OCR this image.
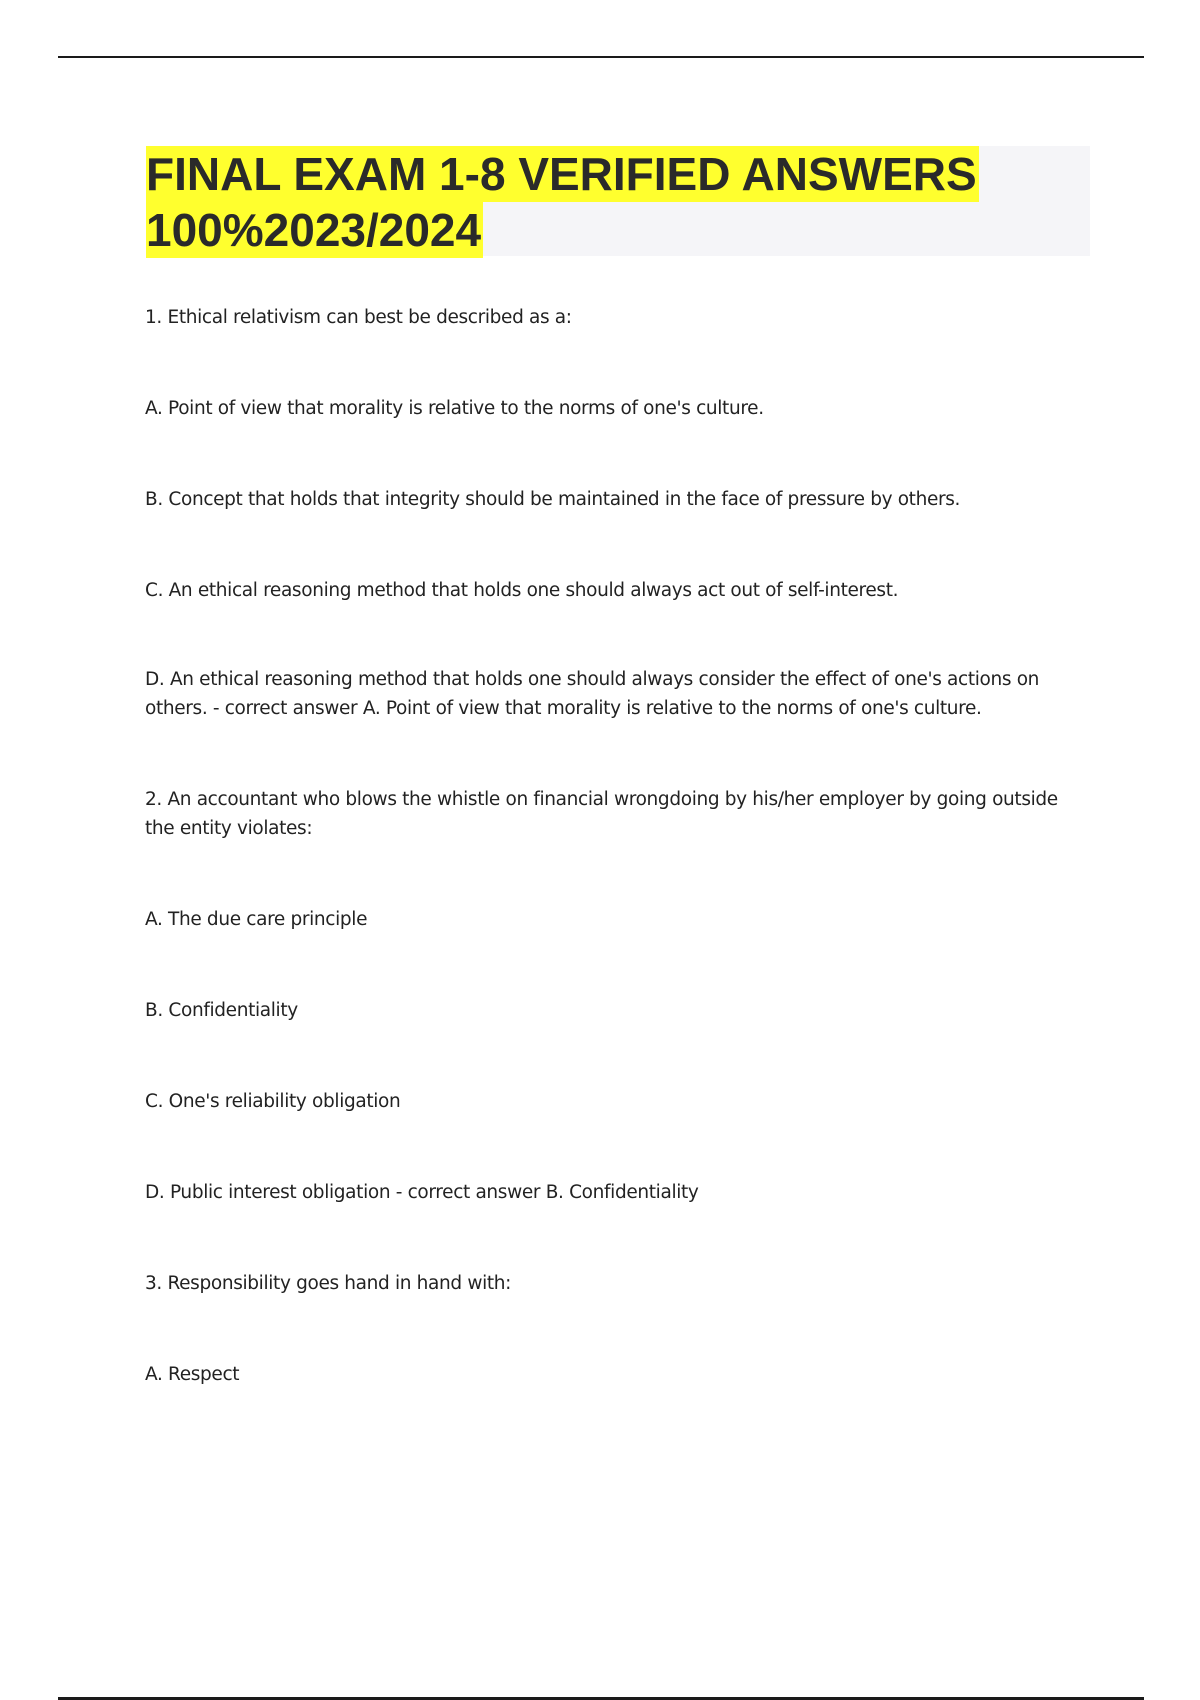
FINAL EXAM 1-8 VERIFIED ANSWERS
100%2023/2024

1. Ethical relativism can best be described as a:

A. Point of view that morality is relative to the norms of one's culture.

B. Concept that holds that integrity should be maintained in the face of pressure by others.

C. An ethical reasoning method that holds one should always act out of self-interest.

D. An ethical reasoning method that holds one should always consider the effect of one's actions on others. - correct answer A. Point of view that morality is relative to the norms of one's culture.

2. An accountant who blows the whistle on financial wrongdoing by his/her employer by going outside the entity violates:

A. The due care principle

B. Confidentiality

C. One's reliability obligation

D. Public interest obligation - correct answer B. Confidentiality

3. Responsibility goes hand in hand with:

A. Respect
